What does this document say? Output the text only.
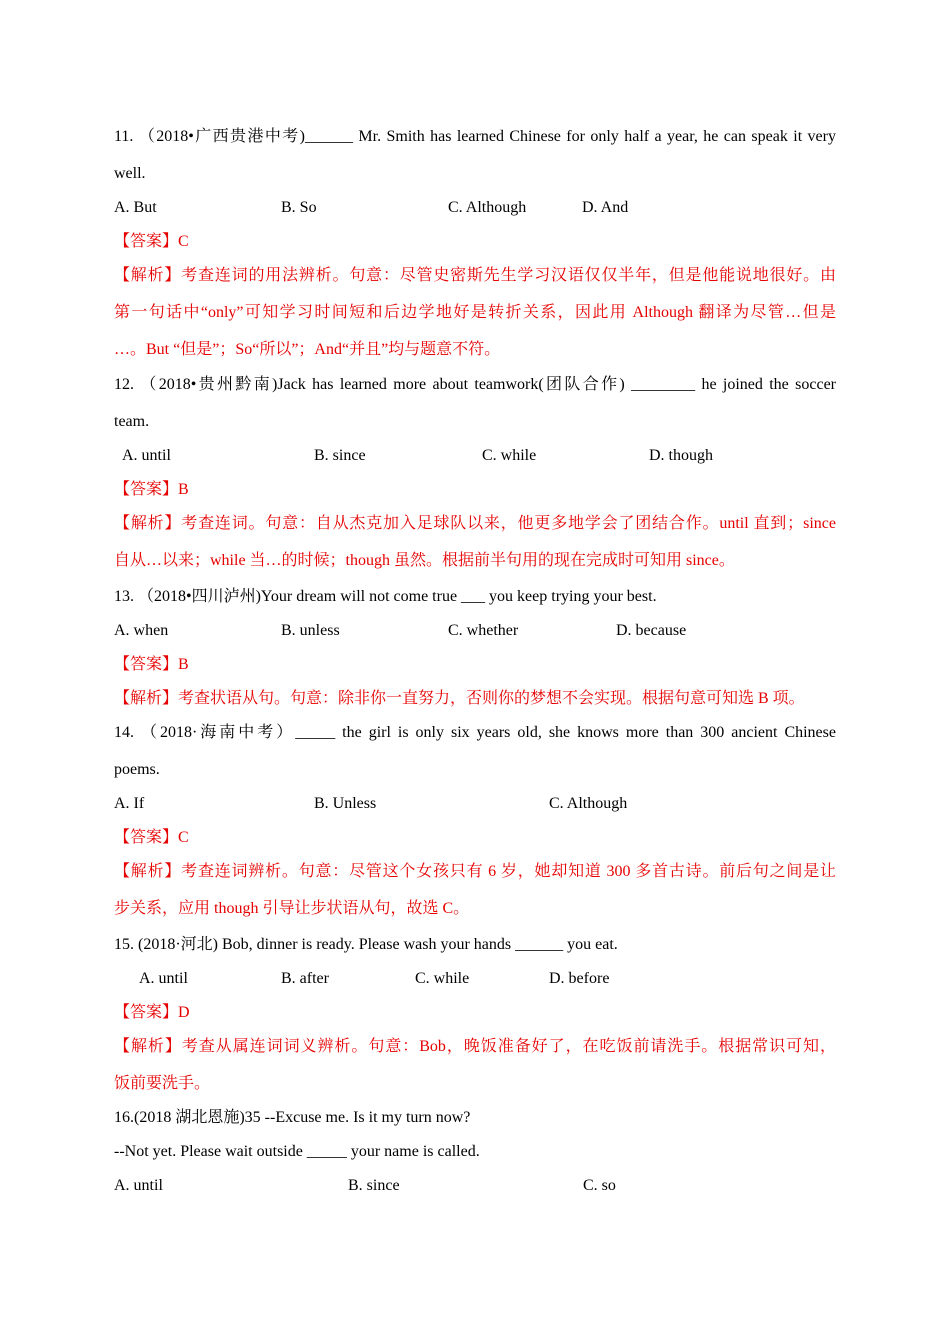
11. （2018•广西贵港中考)______ Mr. Smith has learned Chinese for only half a year, he can speak it very

well.

A. But	B. So	C. Although	D. And

【答案】C

【解析】考查连词的用法辨析。句意：尽管史密斯先生学习汉语仅仅半年，但是他能说地很好。由

第一句话中“only”可知学习时间短和后边学地好是转折关系，因此用 Although 翻译为尽管…但是

…。But “但是”；So“所以”；And“并且”均与题意不符。

12. （2018•贵州黔南)Jack has learned more about teamwork(团队合作) ________ he joined the soccer

team.

A. until	B. since	C. while	D. though

【答案】B

【解析】考查连词。句意：自从杰克加入足球队以来，他更多地学会了团结合作。until 直到；since

自从…以来；while 当…的时候；though 虽然。根据前半句用的现在完成时可知用 since。

13. （2018•四川泸州)Your dream will not come true ___ you keep trying your best.

A. when	B. unless	C. whether	D. because

【答案】B

【解析】考查状语从句。句意：除非你一直努力，否则你的梦想不会实现。根据句意可知选 B 项。

14. （2018·海南中考）_____ the girl is only six years old, she knows more than 300 ancient Chinese

poems.

A. If	B. Unless	C. Although

【答案】C

【解析】考查连词辨析。句意：尽管这个女孩只有 6 岁，她却知道 300 多首古诗。前后句之间是让

步关系，应用 though 引导让步状语从句，故选 C。

15. (2018·河北) Bob, dinner is ready. Please wash your hands ______ you eat.

A. until	B. after	C. while	D. before

【答案】D

【解析】考查从属连词词义辨析。句意：Bob，晚饭准备好了，在吃饭前请洗手。根据常识可知，

饭前要洗手。

16.(2018 湖北恩施)35 --Excuse me. Is it my turn now?

--Not yet. Please wait outside _____ your name is called.

A. until	B. since	C. so
